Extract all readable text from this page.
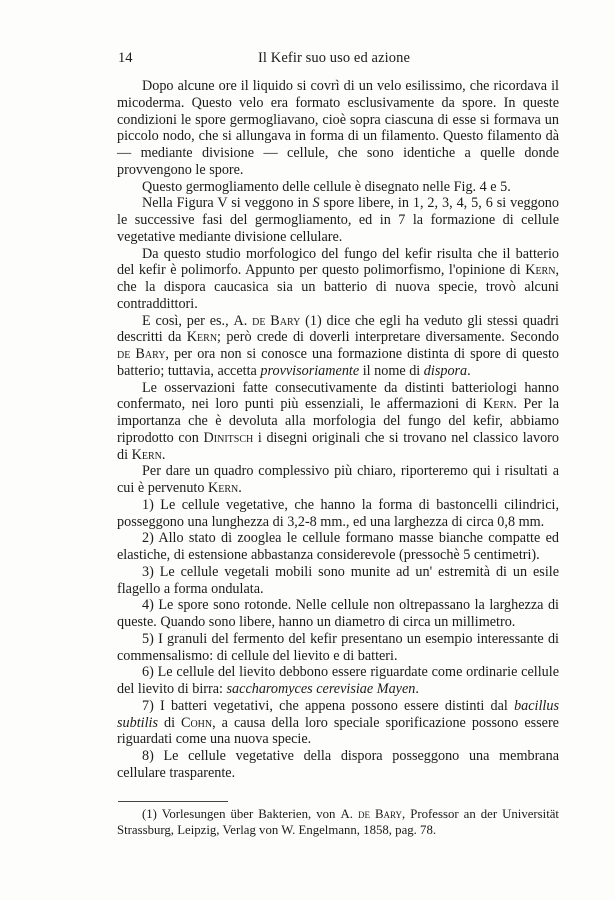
14	Il Kefir suo uso ed azione

Dopo alcune ore il liquido si covrì di un velo esilissimo, che ricordava il micoderma. Questo velo era formato esclusivamente da spore. In queste condizioni le spore germogliavano, cioè sopra ciascuna di esse si formava un piccolo nodo, che si allungava in forma di un filamento. Questo filamento dà — mediante divisione — cellule, che sono identiche a quelle donde provvengono le spore.

Questo germogliamento delle cellule è disegnato nelle Fig. 4 e 5.

Nella Figura V si veggono in S spore libere, in 1, 2, 3, 4, 5, 6 si veggono le successive fasi del germogliamento, ed in 7 la formazione di cellule vegetative mediante divisione cellulare.

Da questo studio morfologico del fungo del kefir risulta che il batterio del kefir è polimorfo. Appunto per questo polimorfismo, l'opinione di Kern, che la dispora caucasica sia un batterio di nuova specie, trovò alcuni contraddittori.

E così, per es., A. de Bary (1) dice che egli ha veduto gli stessi quadri descritti da Kern; però crede di doverli interpretare diversamente. Secondo de Bary, per ora non si conosce una formazione distinta di spore di questo batterio; tuttavia, accetta provvisoriamente il nome di dispora.

Le osservazioni fatte consecutivamente da distinti batteriologi hanno confermato, nei loro punti più essenziali, le affermazioni di Kern. Per la importanza che è devoluta alla morfologia del fungo del kefir, abbiamo riprodotto con Dinitsch i disegni originali che si trovano nel classico lavoro di Kern.

Per dare un quadro complessivo più chiaro, riporteremo qui i risultati a cui è pervenuto Kern.

1) Le cellule vegetative, che hanno la forma di bastoncelli cilindrici, posseggono una lunghezza di 3,2-8 mm., ed una larghezza di circa 0,8 mm.

2) Allo stato di zooglea le cellule formano masse bianche compatte ed elastiche, di estensione abbastanza considerevole (pressochè 5 centimetri).

3) Le cellule vegetali mobili sono munite ad un' estremità di un esile flagello a forma ondulata.

4) Le spore sono rotonde. Nelle cellule non oltrepassano la larghezza di queste. Quando sono libere, hanno un diametro di circa un millimetro.

5) I granuli del fermento del kefir presentano un esempio interessante di commensalismo: di cellule del lievito e di batteri.

6) Le cellule del lievito debbono essere riguardate come ordinarie cellule del lievito di birra: saccharomyces cerevisiae Mayen.

7) I batteri vegetativi, che appena possono essere distinti dal bacillus subtilis di Cohn, a causa della loro speciale sporificazione possono essere riguardati come una nuova specie.

8) Le cellule vegetative della dispora posseggono una membrana cellulare trasparente.

(1) Vorlesungen über Bakterien, von A. de Bary, Professor an der Universität Strassburg, Leipzig, Verlag von W. Engelmann, 1858, pag. 78.
